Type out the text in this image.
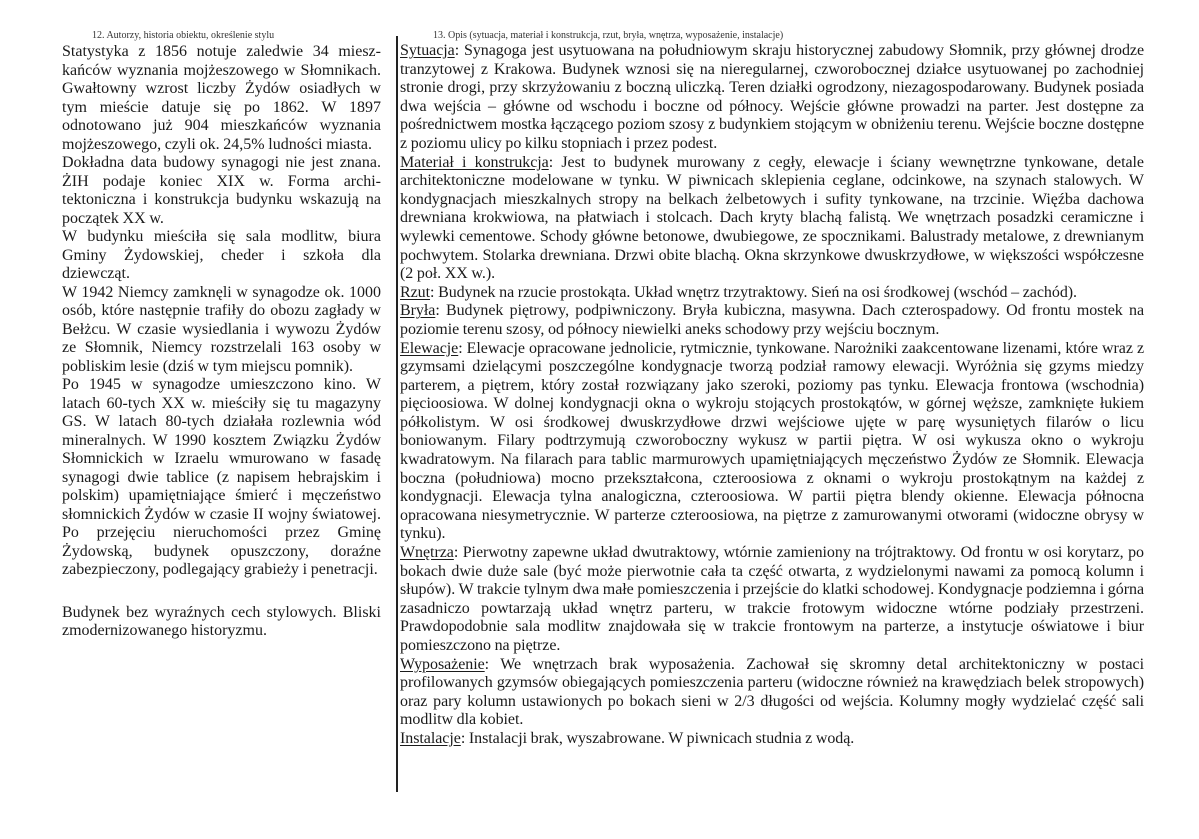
12. Autorzy, historia obiektu, określenie stylu

Statystyka z 1856 notuje zaledwie 34 mieszkańców wyznania mojżeszowego w Słomnikach. Gwałtowny wzrost liczby Żydów osiadłych w tym mieście datuje się po 1862. W 1897 odnotowano już 904 mieszkańców wyznania mojżeszowego, czyli ok. 24,5% ludności miasta.

Dokładna data budowy synagogi nie jest znana. ŻIH podaje koniec XIX w. Forma architektoniczna i konstrukcja budynku wskazują na początek XX w.

W budynku mieściła się sala modlitw, biura Gminy Żydowskiej, cheder i szkoła dla dziewcząt.

W 1942 Niemcy zamknęli w synagodze ok. 1000 osób, które następnie trafiły do obozu zagłady w Bełżcu. W czasie wysiedlania i wywozu Żydów ze Słomnik, Niemcy rozstrzelali 163 osoby w pobliskim lesie (dziś w tym miejscu pomnik).

Po 1945 w synagodze umieszczono kino. W latach 60-tych XX w. mieściły się tu magazyny GS. W latach 80-tych działała rozlewnia wód mineralnych. W 1990 kosztem Związku Żydów Słomnickich w Izraelu wmurowano w fasadę synagogi dwie tablice (z napisem hebrajskim i polskim) upamiętniające śmierć i męczeństwo słomnickich Żydów w czasie II wojny światowej. Po przejęciu nieruchomości przez Gminę Żydowską, budynek opuszczony, doraźne zabezpieczony, podlegający grabieży i penetracji.

Budynek bez wyraźnych cech stylowych. Bliski zmodernizowanego historyzmu.

13. Opis (sytuacja, materiał i konstrukcja, rzut, bryła, wnętrza, wyposażenie, instalacje)

Sytuacja: Synagoga jest usytuowana na południowym skraju historycznej zabudowy Słomnik, przy głównej drodze tranzytowej z Krakowa. Budynek wznosi się na nieregularnej, czworobocznej działce usytuowanej po zachodniej stronie drogi, przy skrzyżowaniu z boczną uliczką. Teren działki ogrodzony, niezagospodarowany. Budynek posiada dwa wejścia – główne od wschodu i boczne od północy. Wejście główne prowadzi na parter. Jest dostępne za pośrednictwem mostka łączącego poziom szosy z budynkiem stojącym w obniżeniu terenu. Wejście boczne dostępne z poziomu ulicy po kilku stopniach i przez podest.

Materiał i konstrukcja: Jest to budynek murowany z cegły, elewacje i ściany wewnętrzne tynkowane, detale architektoniczne modelowane w tynku. W piwnicach sklepienia ceglane, odcinkowe, na szynach stalowych. W kondygnacjach mieszkalnych stropy na belkach żelbetowych i sufity tynkowane, na trzcinie. Więźba dachowa drewniana krokwiowa, na płatwiach i stolcach. Dach kryty blachą falistą. We wnętrzach posadzki ceramiczne i wylewki cementowe. Schody główne betonowe, dwubiegowe, ze spocznikami. Balustrady metalowe, z drewnianym pochwytem. Stolarka drewniana. Drzwi obite blachą. Okna skrzynkowe dwuskrzydłowe, w większości współczesne (2 poł. XX w.).

Rzut: Budynek na rzucie prostokąta. Układ wnętrz trzytraktowy. Sień na osi środkowej (wschód – zachód).

Bryła: Budynek piętrowy, podpiwniczony. Bryła kubiczna, masywna. Dach czterospadowy. Od frontu mostek na poziomie terenu szosy, od północy niewielki aneks schodowy przy wejściu bocznym.

Elewacje: Elewacje opracowane jednolicie, rytmicznie, tynkowane. Narożniki zaakcentowane lizenami, które wraz z gzymsami dzielącymi poszczególne kondygnacje tworzą podział ramowy elewacji. Wyróżnia się gzyms miedzy parterem, a piętrem, który został rozwiązany jako szeroki, poziomy pas tynku. Elewacja frontowa (wschodnia) pięcioosiowa. W dolnej kondygnacji okna o wykroju stojących prostokątów, w górnej węższe, zamknięte łukiem półkolistym. W osi środkowej dwuskrzydłowe drzwi wejściowe ujęte w parę wysuniętych filarów o licu boniowanym. Filary podtrzymują czworoboczny wykusz w partii piętra. W osi wykusza okno o wykroju kwadratowym. Na filarach para tablic marmurowych upamiętniających męczeństwo Żydów ze Słomnik. Elewacja boczna (południowa) mocno przekształcona, czteroosiowa z oknami o wykroju prostokątnym na każdej z kondygnacji. Elewacja tylna analogiczna, czteroosiowa. W partii piętra blendy okienne. Elewacja północna opracowana niesymetrycznie. W parterze czteroosiowa, na piętrze z zamurowanymi otworami (widoczne obrysy w tynku).

Wnętrza: Pierwotny zapewne układ dwutraktowy, wtórnie zamieniony na trójtraktowy. Od frontu w osi korytarz, po bokach dwie duże sale (być może pierwotnie cała ta część otwarta, z wydzielonymi nawami za pomocą kolumn i słupów). W trakcie tylnym dwa małe pomieszczenia i przejście do klatki schodowej. Kondygnacje podziemna i górna zasadniczo powtarzają układ wnętrz parteru, w trakcie frotowym widoczne wtórne podziały przestrzeni. Prawdopodobnie sala modlitw znajdowała się w trakcie frontowym na parterze, a instytucje oświatowe i biur pomieszczono na piętrze.

Wyposażenie: We wnętrzach brak wyposażenia. Zachował się skromny detal architektoniczny w postaci profilowanych gzymsów obiegających pomieszczenia parteru (widoczne również na krawędziach belek stropowych) oraz pary kolumn ustawionych po bokach sieni w 2/3 długości od wejścia. Kolumny mogły wydzielać część sali modlitw dla kobiet.

Instalacje: Instalacji brak, wyszabrowane. W piwnicach studnia z wodą.
